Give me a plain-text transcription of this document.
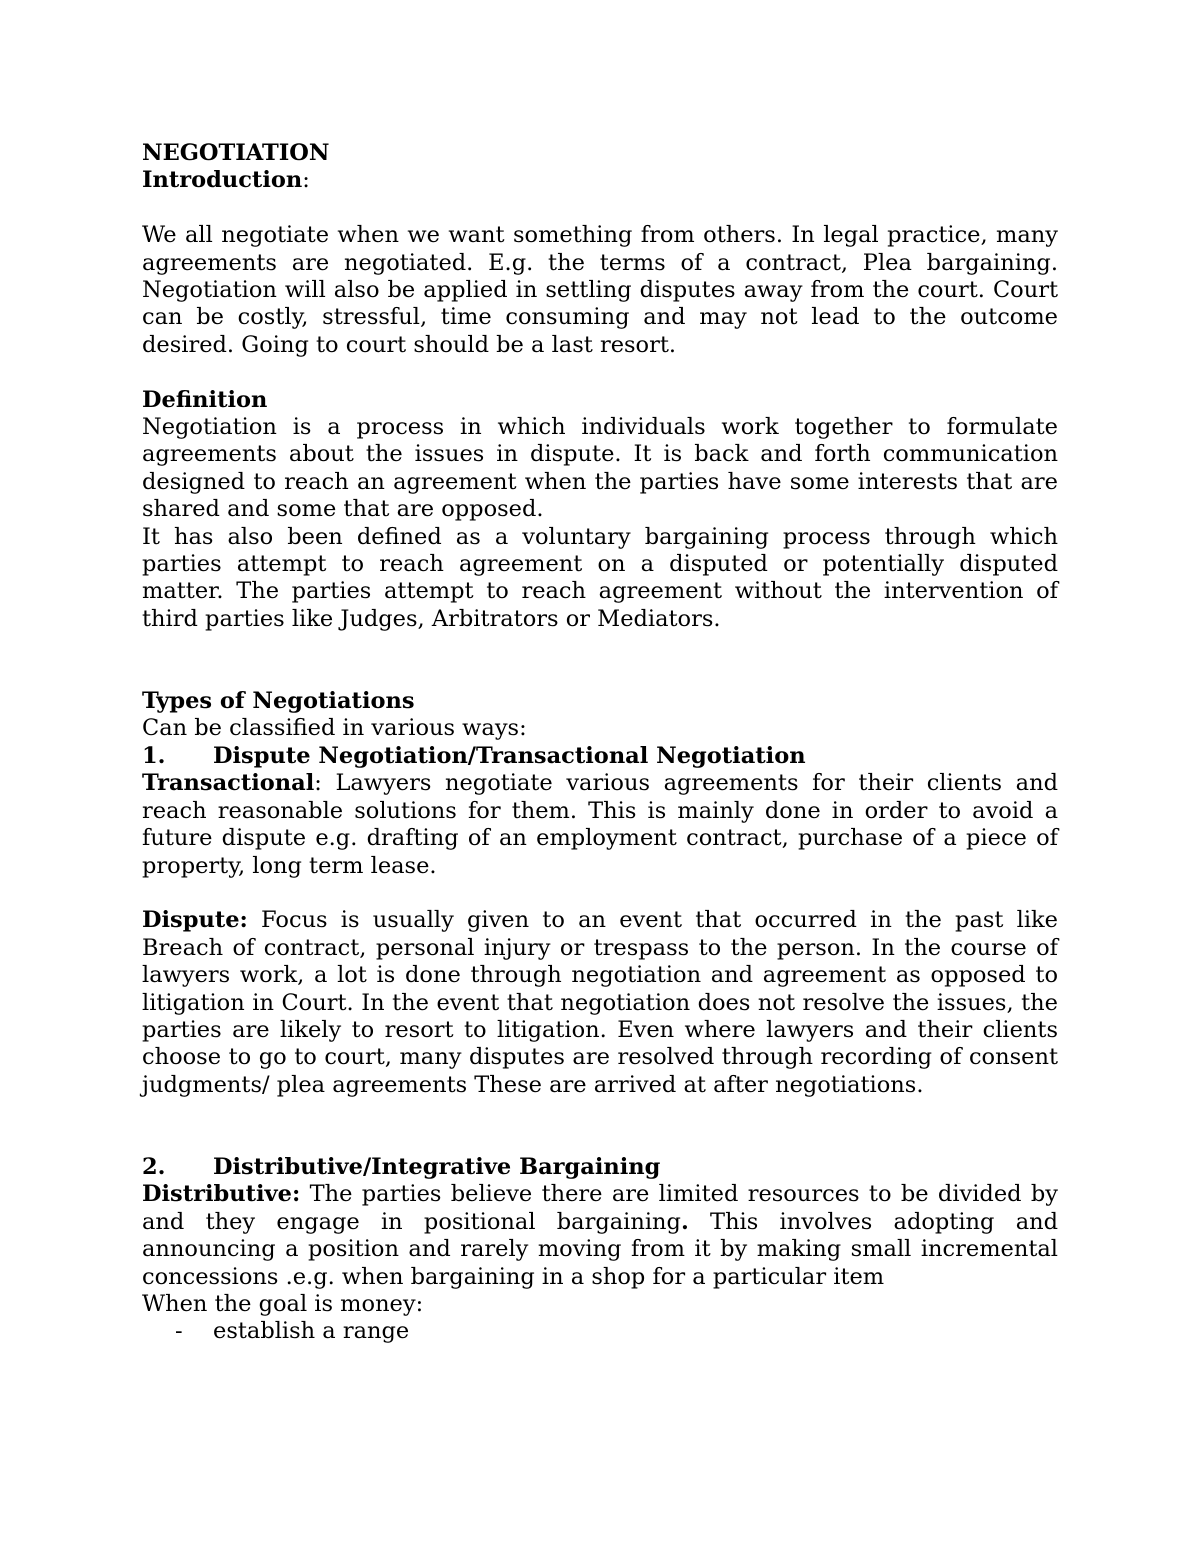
NEGOTIATION

Introduction:

We all negotiate when we want something from others. In legal practice, many agreements are negotiated. E.g. the terms of a contract, Plea bargaining. Negotiation will also be applied in settling disputes away from the court. Court can be costly, stressful, time consuming and may not lead to the outcome desired. Going to court should be a last resort.

Definition

Negotiation is a process in which individuals work together to formulate agreements about the issues in dispute. It is back and forth communication designed to reach an agreement when the parties have some interests that are shared and some that are opposed.

It has also been defined as a voluntary bargaining process through which parties attempt to reach agreement on a disputed or potentially disputed matter. The parties attempt to reach agreement without the intervention of third parties like Judges, Arbitrators or Mediators.

Types of Negotiations

Can be classified in various ways:

1.	Dispute Negotiation/Transactional Negotiation

Transactional: Lawyers negotiate various agreements for their clients and reach reasonable solutions for them. This is mainly done in order to avoid a future dispute e.g. drafting of an employment contract, purchase of a piece of property, long term lease.

Dispute: Focus is usually given to an event that occurred in the past like Breach of contract, personal injury or trespass to the person. In the course of lawyers work, a lot is done through negotiation and agreement as opposed to litigation in Court. In the event that negotiation does not resolve the issues, the parties are likely to resort to litigation. Even where lawyers and their clients choose to go to court, many disputes are resolved through recording of consent judgments/ plea agreements These are arrived at after negotiations.

2.	Distributive/Integrative Bargaining

Distributive: The parties believe there are limited resources to be divided by and they engage in positional bargaining. This involves adopting and announcing a position and rarely moving from it by making small incremental concessions .e.g. when bargaining in a shop for a particular item

When the goal is money:

-	establish a range
